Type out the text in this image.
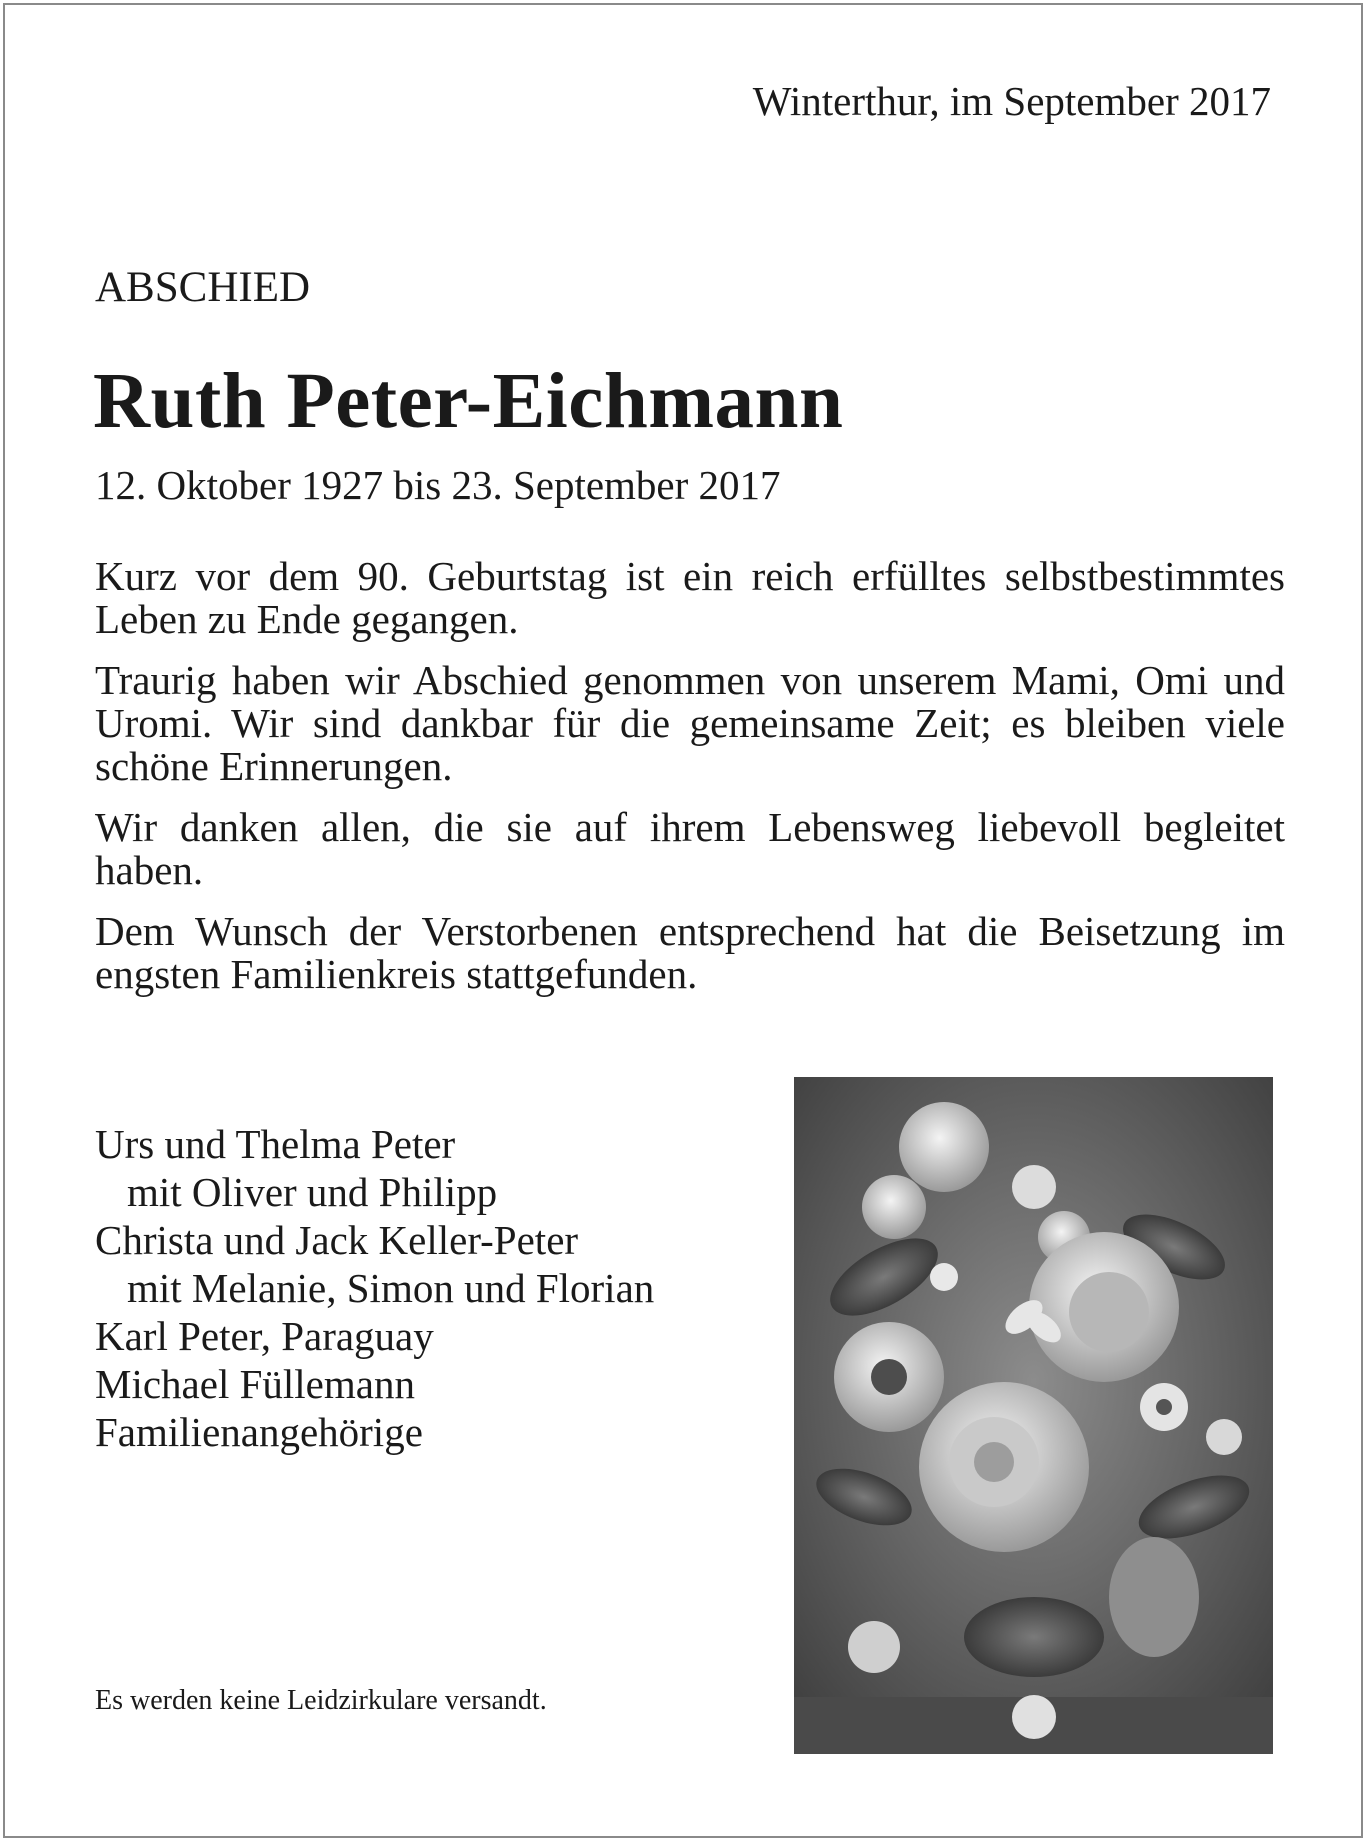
Winterthur, im September 2017
ABSCHIED
Ruth Peter-Eichmann
12. Oktober 1927 bis 23. September 2017

Kurz vor dem 90. Geburtstag ist ein reich erfülltes selbstbestimmtes Leben zu Ende gegangen.

Traurig haben wir Abschied genommen von unserem Mami, Omi und Uromi. Wir sind dankbar für die gemeinsame Zeit; es bleiben viele schöne Erinnerungen.

Wir danken allen, die sie auf ihrem Lebensweg liebevoll begleitet haben.

Dem Wunsch der Verstorbenen entsprechend hat die Beisetzung im engsten Familienkreis stattgefunden.

Urs und Thelma Peter
mit Oliver und Philipp
Christa und Jack Keller-Peter
mit Melanie, Simon und Florian
Karl Peter, Paraguay
Michael Füllemann
Familienangehörige
Es werden keine Leidzirkulare versandt.
